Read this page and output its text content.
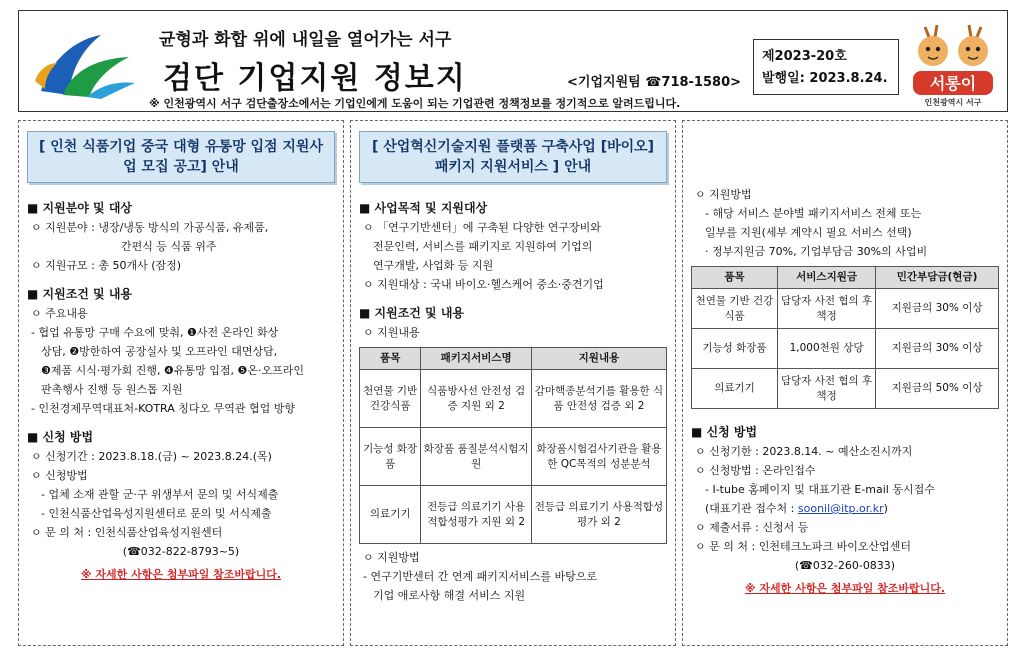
균형과 화합 위에 내일을 열어가는 서구
검단 기업지원 정보지	<기업지원팀 ☎718-1580>
※ 인천광역시 서구 검단출장소에서는 기업인에게 도움이 되는 기업관련 정책정보를 정기적으로 알려드립니다.
제2023-20호
발행일: 2023.8.24.	서롱이
인천광역시 서구
[ 인천 식품기업 중국 대형 유통망 입점 지원사업 모집 공고] 안내
■ 지원분야 및 대상
ㅇ 지원분야 : 냉장/냉동 방식의 가공식품, 유제품,
간편식 등 식품 위주
ㅇ 지원규모 : 총 50개사 (잠정)
■ 지원조건 및 내용
ㅇ 주요내용
- 협업 유통망 구매 수요에 맞춰, ❶사전 온라인 화상
상담, ❷방한하여 공장실사 및 오프라인 대면상담,
❸제품 시식·평가회 진행, ❹유통망 입점, ❺온·오프라인
판촉행사 진행 등 원스톱 지원
- 인천경제무역대표처-KOTRA 칭다오 무역관 협업 방향
■ 신청 방법
ㅇ 신청기간 : 2023.8.18.(금) ~ 2023.8.24.(목)
ㅇ 신청방법
- 업체 소재 관할 군·구 위생부서 문의 및 서식제출
- 인천식품산업육성지원센터로 문의 및 서식제출
ㅇ 문 의 처 : 인천식품산업육성지원센터
(☎032-822-8793~5)
※ 자세한 사항은 첨부파일 참조바랍니다.
[ 산업혁신기술지원 플랫폼 구축사업 [바이오] 패키지 지원서비스 ] 안내
■ 사업목적 및 지원대상
ㅇ 「연구기반센터」에 구축된 다양한 연구장비와
전문인력, 서비스를 패키지로 지원하여 기업의
연구개발, 사업화 등 지원
ㅇ 지원대상 : 국내 바이오·헬스케어 중소·중견기업
■ 지원조건 및 내용
ㅇ 지원내용
품목	패키지서비스명	지원내용
천연물 기반 건강식품	식품방사선 안전성 검증 지원 외 2	감마핵종분석기를 활용한 식품 안전성 검증 외 2
기능성 화장품	화장품 품질분석시험지원	화장품시험검사기관을 활용한 QC목적의 성분분석
의료기기	전등급 의료기기 사용적합성평가 지원 외 2	전등급 의료기기 사용적합성 평가 외 2
ㅇ 지원방법
- 연구기반센터 간 연계 패키지서비스를 바탕으로
기업 애로사항 해결 서비스 지원
ㅇ 지원방법
- 해당 서비스 분야별 패키지서비스 전체 또는
일부를 지원(세부 계약시 필요 서비스 선택)
· 정부지원금 70%, 기업부담금 30%의 사업비
품목	서비스지원금	민간부담금(현금)
천연물 기반 건강식품	담당자 사전 협의 후 책정	지원금의 30% 이상
기능성 화장품	1,000천원 상당	지원금의 30% 이상
의료기기	담당자 사전 협의 후 책정	지원금의 50% 이상
■ 신청 방법
ㅇ 신청기한 : 2023.8.14. ~ 예산소진시까지
ㅇ 신청방법 : 온라인접수
- I-tube 홈페이지 및 대표기관 E-mail 동시접수
(대표기관 접수처 : soonil@itp.or.kr)
ㅇ 제출서류 : 신청서 등
ㅇ 문 의 처 : 인천테크노파크 바이오산업센터
(☎032-260-0833)
※ 자세한 사항은 첨부파일 참조바랍니다.
